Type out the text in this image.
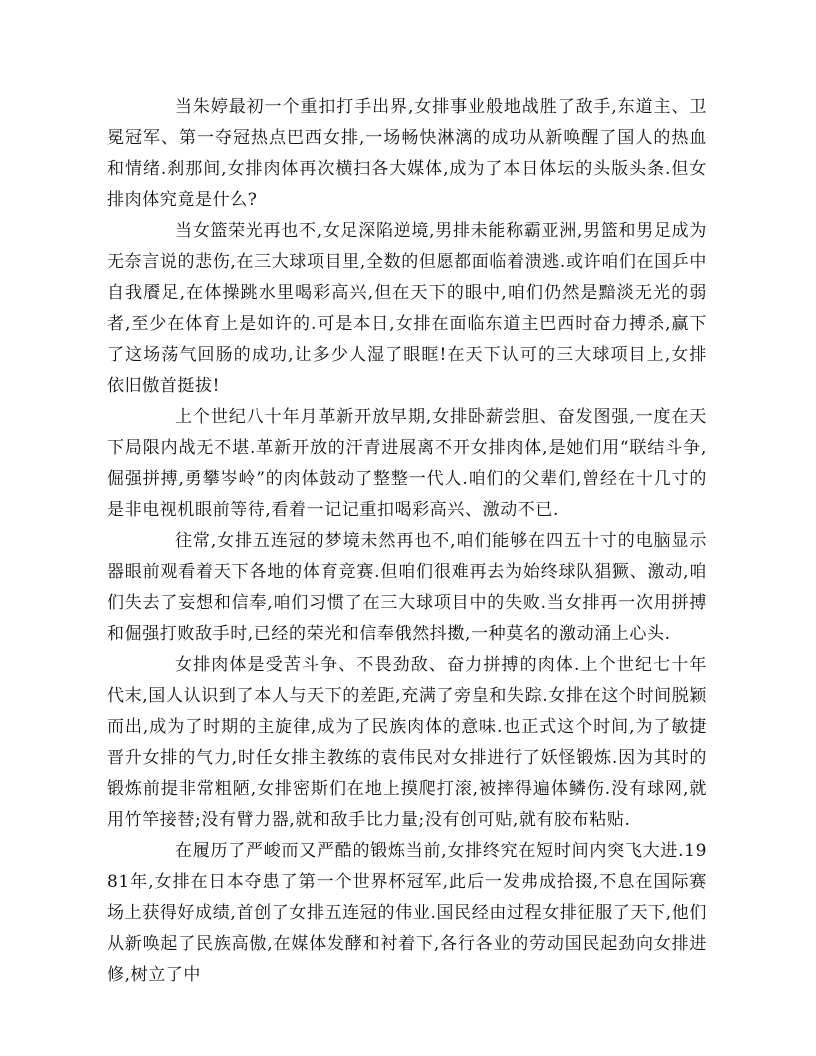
当朱婷最初一个重扣打手出界,女排事业般地战胜了敌手,东道主、卫冕冠军、第一夺冠热点巴西女排,一场畅快淋漓的成功从新唤醒了国人的热血和情绪.刹那间,女排肉体再次横扫各大媒体,成为了本日体坛的头版头条.但女排肉体究竟是什么?

当女篮荣光再也不,女足深陷逆境,男排未能称霸亚洲,男篮和男足成为无奈言说的悲伤,在三大球项目里,全数的但愿都面临着溃逃.或许咱们在国乒中自我餍足,在体操跳水里喝彩高兴,但在天下的眼中,咱们仍然是黯淡无光的弱者,至少在体育上是如许的.可是本日,女排在面临东道主巴西时奋力搏杀,赢下了这场荡气回肠的成功,让多少人湿了眼眶!在天下认可的三大球项目上,女排依旧傲首挺拔!

上个世纪八十年月革新开放早期,女排卧薪尝胆、奋发图强,一度在天下局限内战无不堪.革新开放的汗青进展离不开女排肉体,是她们用“联结斗争,倔强拼搏,勇攀岑岭”的肉体鼓动了整整一代人.咱们的父辈们,曾经在十几寸的是非电视机眼前等待,看着一记记重扣喝彩高兴、激动不已.

往常,女排五连冠的梦境未然再也不,咱们能够在四五十寸的电脑显示器眼前观看着天下各地的体育竞赛.但咱们很难再去为始终球队猖獗、激动,咱们失去了妄想和信奉,咱们习惯了在三大球项目中的失败.当女排再一次用拼搏和倔强打败敌手时,已经的荣光和信奉俄然抖擞,一种莫名的激动涌上心头.

女排肉体是受苦斗争、不畏劲敌、奋力拼搏的肉体.上个世纪七十年代末,国人认识到了本人与天下的差距,充满了旁皇和失踪.女排在这个时间脱颖而出,成为了时期的主旋律,成为了民族肉体的意味.也正式这个时间,为了敏捷晋升女排的气力,时任女排主教练的袁伟民对女排进行了妖怪锻炼.因为其时的锻炼前提非常粗陋,女排密斯们在地上摸爬打滚,被摔得遍体鳞伤.没有球网,就用竹竿接替;没有臂力器,就和敌手比力量;没有创可贴,就有胶布粘贴.

在履历了严峻而又严酷的锻炼当前,女排终究在短时间内突飞大进.1981年,女排在日本夺患了第一个世界杯冠军,此后一发弗成拾掇,不息在国际赛场上获得好成绩,首创了女排五连冠的伟业.国民经由过程女排征服了天下,他们从新唤起了民族高傲,在媒体发酵和衬着下,各行各业的劳动国民起劲向女排进修,树立了中
